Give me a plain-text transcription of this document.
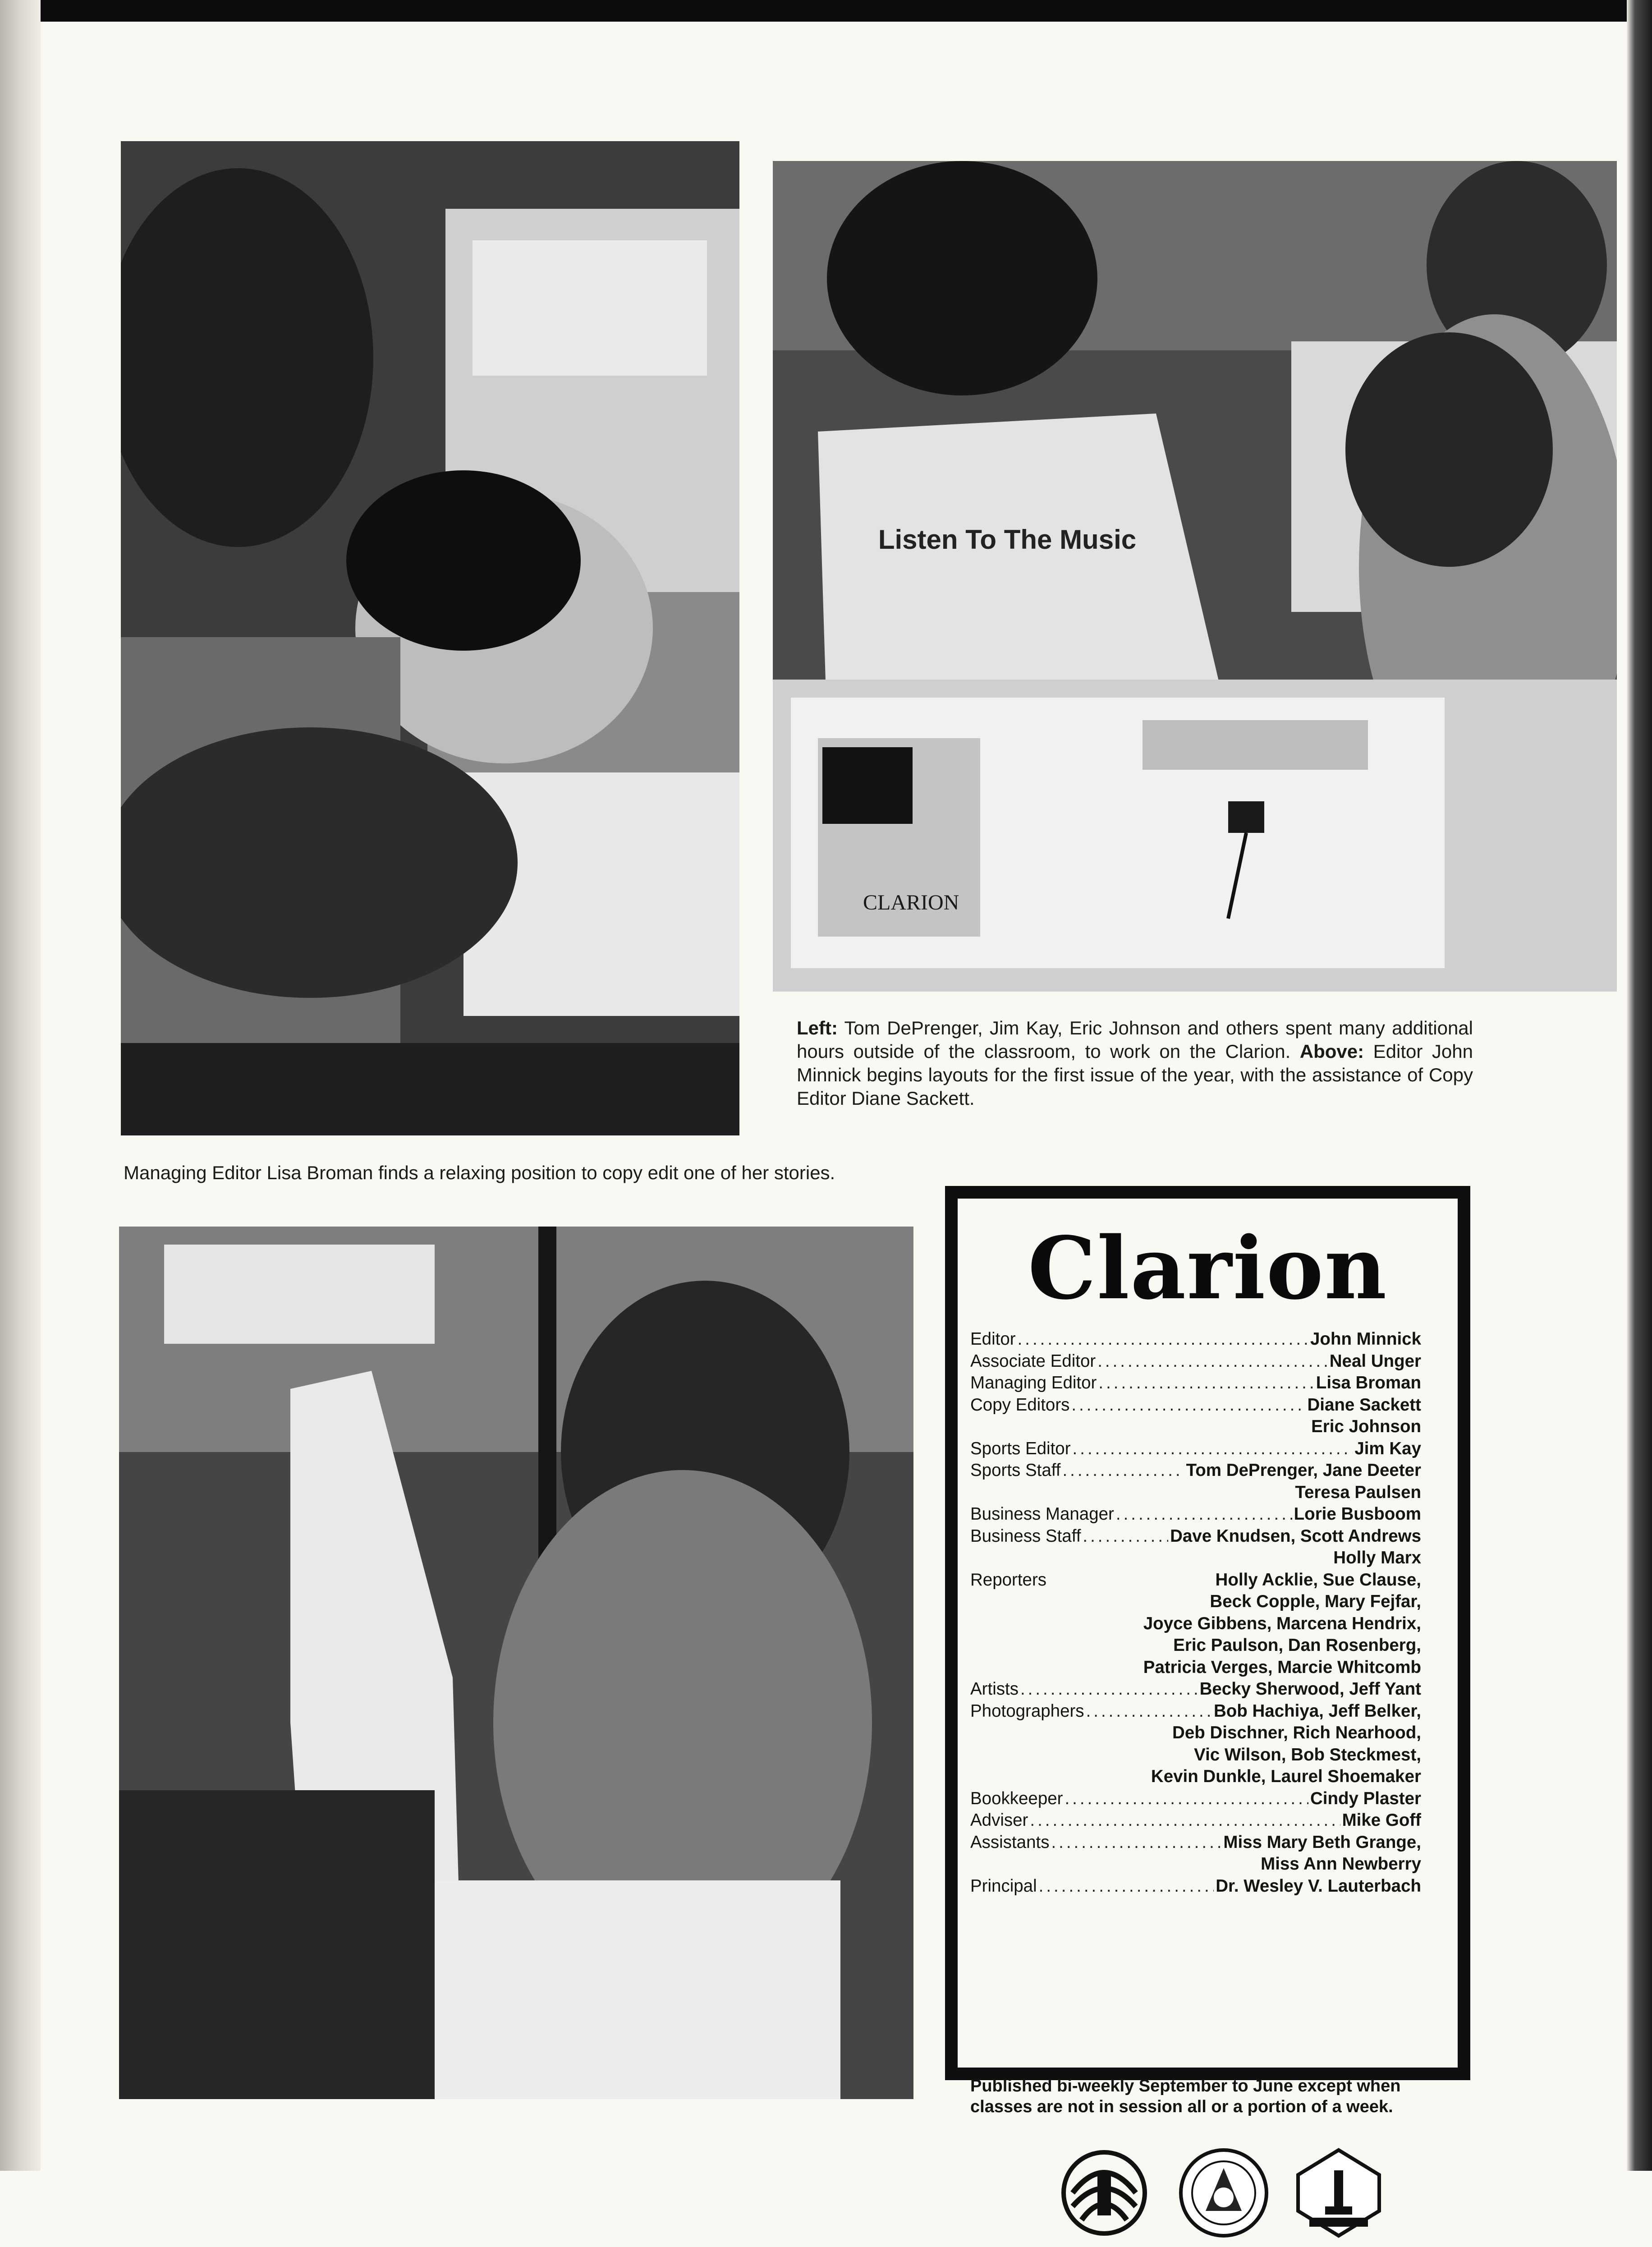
Listen To The Music
CLARION
Left: Tom DePrenger, Jim Kay, Eric Johnson and others spent many additional hours outside of the classroom, to work on the Clarion. Above: Editor John Minnick begins layouts for the first issue of the year, with the assistance of Copy Editor Diane Sackett.
Managing Editor Lisa Broman finds a relaxing position to copy edit one of her stories.
Clarion
Editor .....	John Minnick
Associate Editor .....	Neal Unger
Managing Editor .....	Lisa Broman
Copy Editors .....	Diane Sackett
Eric Johnson
Sports Editor .....	Jim Kay
Sports Staff .....	Tom DePrenger, Jane Deeter
Teresa Paulsen
Business Manager .....	Lorie Busboom
Business Staff .....	Dave Knudsen, Scott Andrews
Holly Marx
Reporters	Holly Acklie, Sue Clause,
Beck Copple, Mary Fejfar,
Joyce Gibbens, Marcena Hendrix,
Eric Paulson, Dan Rosenberg,
Patricia Verges, Marcie Whitcomb
Artists .....	Becky Sherwood, Jeff Yant
Photographers .....	Bob Hachiya, Jeff Belker,
Deb Dischner, Rich Nearhood,
Vic Wilson, Bob Steckmest,
Kevin Dunkle, Laurel Shoemaker
Bookkeeper .....	Cindy Plaster
Adviser .....	Mike Goff
Assistants .....	Miss Mary Beth Grange,
Miss Ann Newberry
Principal .....	Dr. Wesley V. Lauterbach
Published bi-weekly September to June except when classes are not in session all or a portion of a week.
